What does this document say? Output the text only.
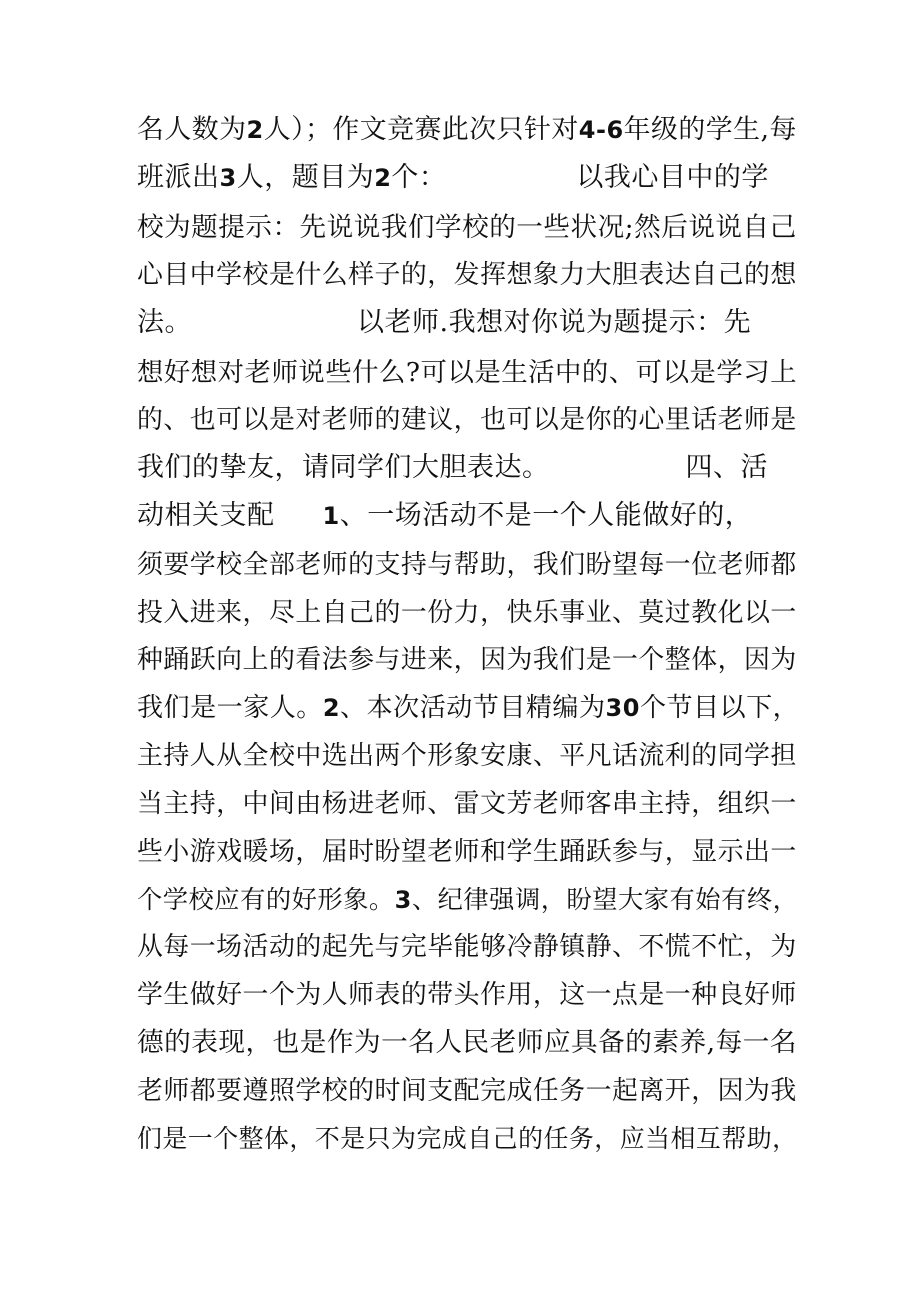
名人数为2人）；作文竞赛此次只针对4-6年级的学生,每
班派出3人，题目为2个：	以我心目中的学
校为题提示：先说说我们学校的一些状况;然后说说自己
心目中学校是什么样子的，发挥想象力大胆表达自己的想
法。	以老师.我想对你说为题提示：先
想好想对老师说些什么?可以是生活中的、可以是学习上
的、也可以是对老师的建议，也可以是你的心里话老师是
我们的挚友，请同学们大胆表达。	四、活
动相关支配 1、一场活动不是一个人能做好的，
须要学校全部老师的支持与帮助，我们盼望每一位老师都
投入进来，尽上自己的一份力，快乐事业、莫过教化以一
种踊跃向上的看法参与进来，因为我们是一个整体，因为
我们是一家人。2、本次活动节目精编为30个节目以下，
主持人从全校中选出两个形象安康、平凡话流利的同学担
当主持，中间由杨进老师、雷文芳老师客串主持，组织一
些小游戏暖场，届时盼望老师和学生踊跃参与，显示出一
个学校应有的好形象。3、纪律强调，盼望大家有始有终，
从每一场活动的起先与完毕能够冷静镇静、不慌不忙，为
学生做好一个为人师表的带头作用，这一点是一种良好师
德的表现，也是作为一名人民老师应具备的素养,每一名
老师都要遵照学校的时间支配完成任务一起离开，因为我
们是一个整体，不是只为完成自己的任务，应当相互帮助，
